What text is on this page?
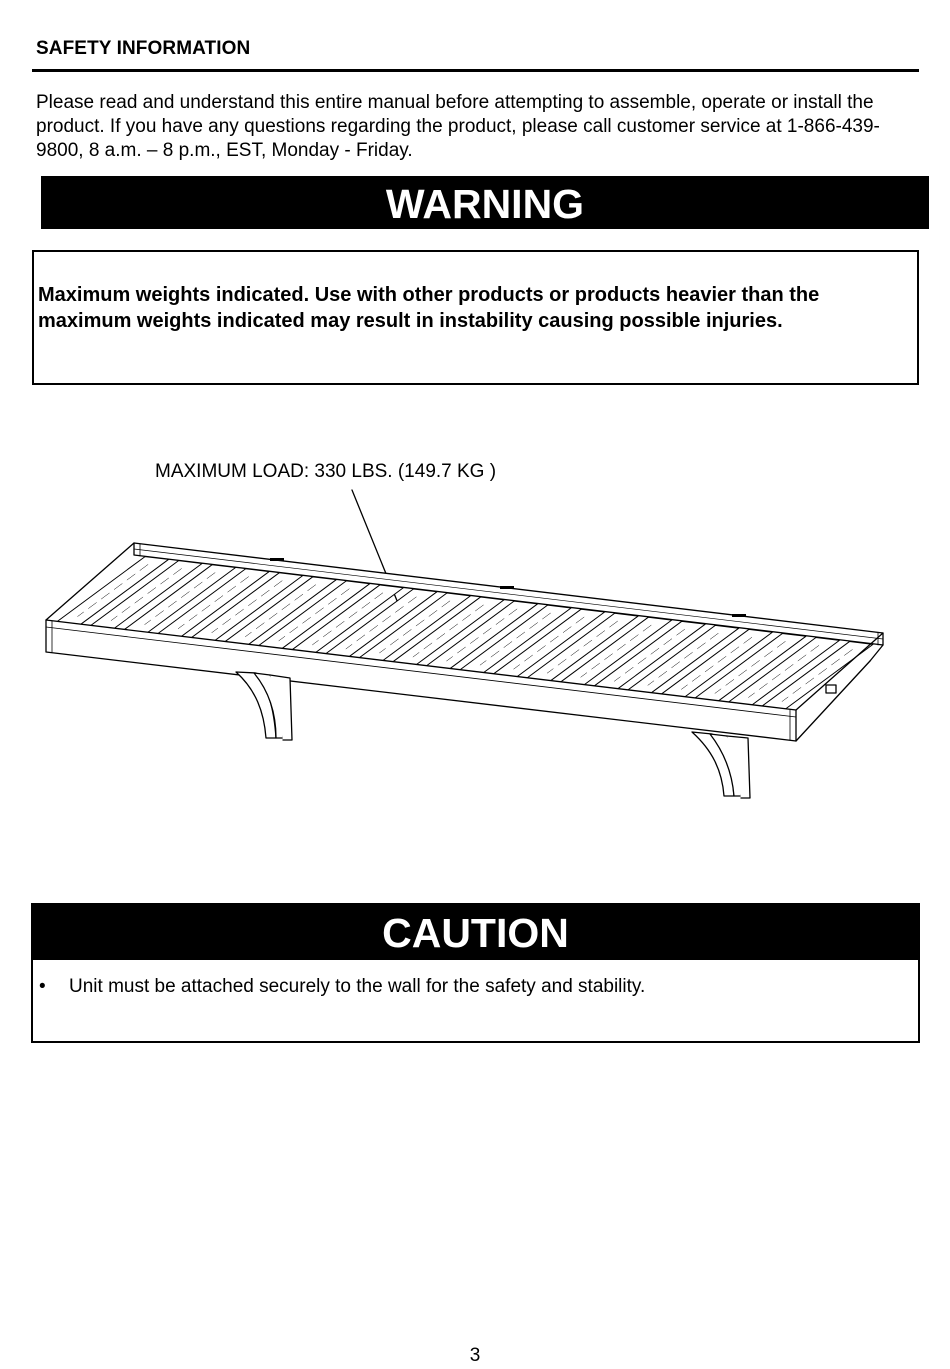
SAFETY INFORMATION

Please read and understand this entire manual before attempting to assemble, operate or install the product. If you have any questions regarding the product, please call customer service at 1-866-439-9800, 8 a.m. – 8 p.m., EST, Monday - Friday.

WARNING

Maximum weights indicated. Use with other products or products heavier than the maximum weights indicated may result in instability causing possible injuries.

MAXIMUM LOAD: 330 LBS. (149.7 KG )
CAUTION
• Unit must be attached securely to the wall for the safety and stability.
3
